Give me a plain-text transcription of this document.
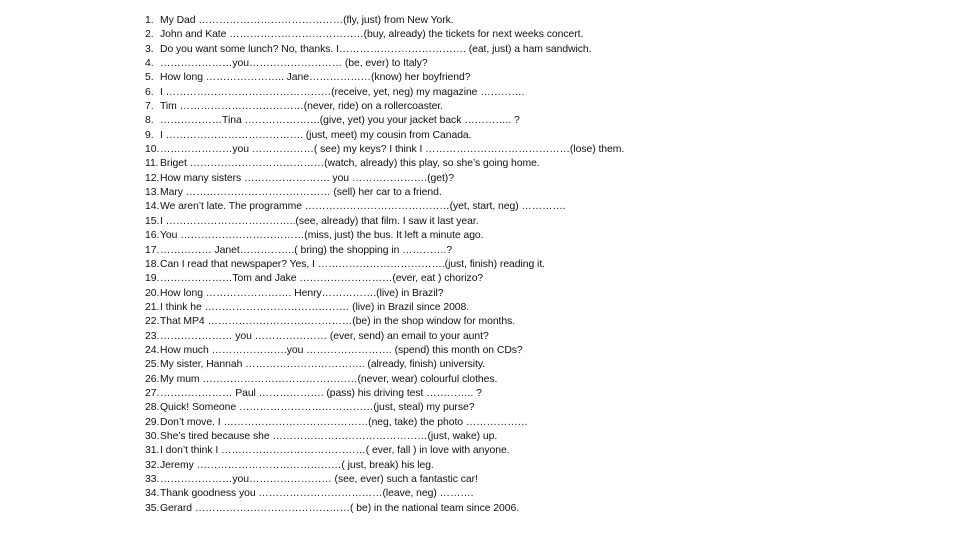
1. My Dad ……………………………………(fly, just) from New York.
2. John and Kate …………………………………(buy, already) the tickets for next weeks concert.
3. Do you want some lunch? No, thanks. I………………………………. (eat, just) a ham sandwich.
4. …………………you……………………… (be, ever) to Italy?
5. How long ………………….. Jane………………(know) her boyfriend?
6. I …………………………………………(receive, yet, neg) my magazine ………….
7. Tim ………………………………(never, ride) on a rollercoaster.
8. ………………Tina ………………….(give, yet) you your jacket back ………….. ?
9. I …………………………………. (just, meet) my cousin from Canada.
10.…………………you ………………( see) my keys? I think I ……………………………………(lose) them.
11.Briget …………………………………(watch, already) this play, so she’s going home.
12.How many sisters ……………………. you ………………….(get)?
13.Mary …………………………………… (sell) her car to a friend.
14.We aren’t late. The programme ……………………………………(yet, start, neg) ………….
15.I ………………………………..(see, already) that film. I saw it last year.
16.You ………………………………(miss, just) the bus. It left a minute ago.
17.…………… Janet…………….( bring) the shopping in ………….?
18.Can I read that newspaper? Yes, I ……………………………….(just, finish) reading it.
19.…………………Tom and Jake ………………………(ever, eat ) chorizo?
20.How long ……………………. Henry…………….(live) in Brazil?
21.I think he …………………………………… (live) in Brazil since 2008.
22.That MP4 ……………………………………(be) in the shop window for months.
23.………………… you ………………… (ever, send) an email to your aunt?
24.How much ………………….you ……………………. (spend) this month on CDs?
25.My sister, Hannah …………………………….. (already, finish) university.
26.My mum ………………………………………(never, wear) colourful clothes.
27.………………… Paul ………………. (pass) his driving test ………….. ?
28.Quick! Someone …………………………………(just, steal) my purse?
29.Don’t move. I ……………………………………(neg, take) the photo ………………
30.She’s tired because she ………………………………………(just, wake) up.
31.I don’t think I ……………………………………( ever, fall ) in love with anyone.
32.Jeremy ……………………………………( just, break) his leg.
33.…………………you…………………… (see, ever) such a fantastic car!
34.Thank goodness you ………………………………(leave, neg) ……….
35.Gerard ………………………………………( be) in the national team since 2006.
